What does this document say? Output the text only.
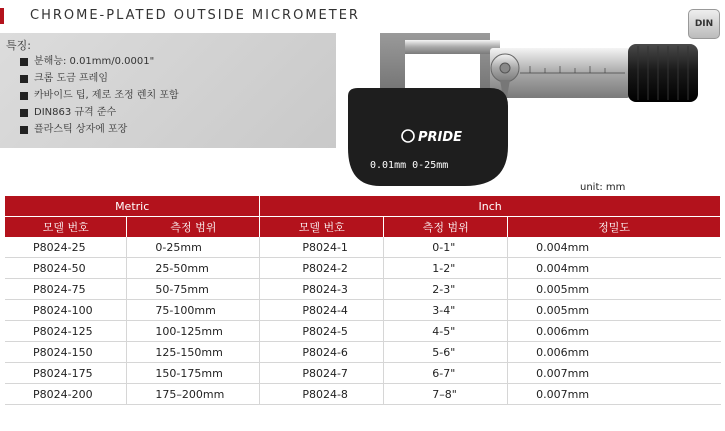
CHROME-PLATED OUTSIDE MICROMETER
특징:
분해능: 0.01mm/0.0001"
크롬 도금 프레임
카바이드 팁, 제로 조정 렌치 포함
DIN863 규격 준수
플라스틱 상자에 포장
DIN
PRIDE
0.01mm 0-25mm
unit: mm
Metric		Inch		
모델 번호	측정 범위	모델 번호	측정 범위	정밀도
P8024-25	0-25mm	P8024-1	0-1"	0.004mm
P8024-50	25-50mm	P8024-2	1-2"	0.004mm
P8024-75	50-75mm	P8024-3	2-3"	0.005mm
P8024-100	75-100mm	P8024-4	3-4"	0.005mm
P8024-125	100-125mm	P8024-5	4-5"	0.006mm
P8024-150	125-150mm	P8024-6	5-6"	0.006mm
P8024-175	150-175mm	P8024-7	6-7"	0.007mm
P8024-200	175–200mm	P8024-8	7–8"	0.007mm
